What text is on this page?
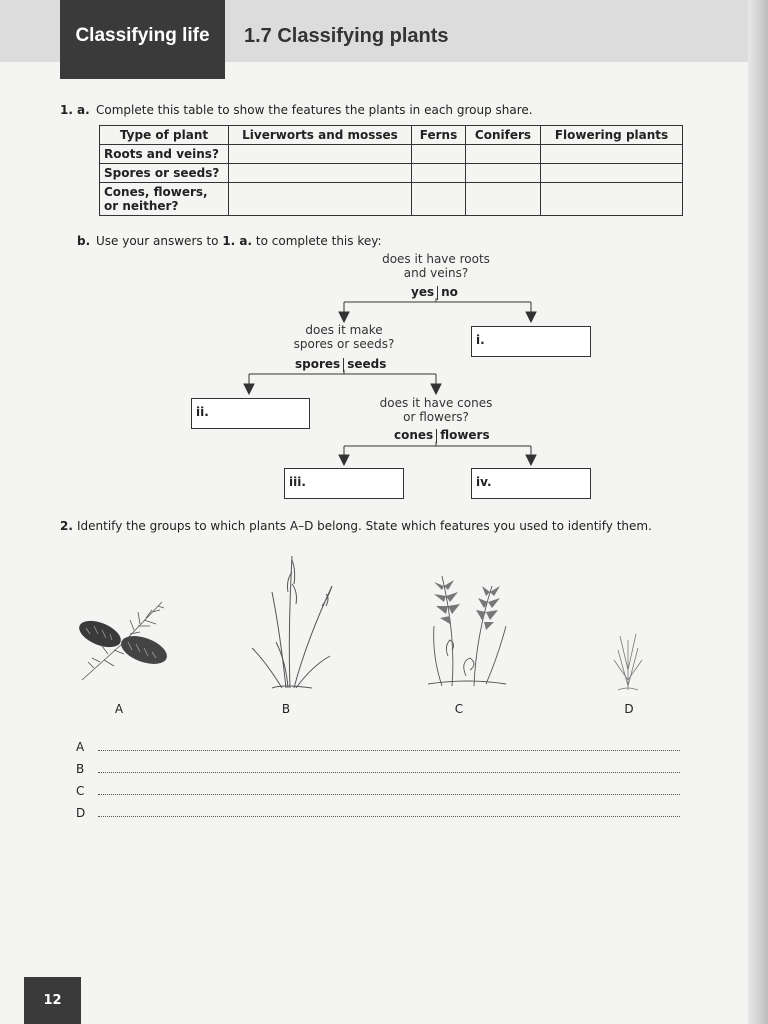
Classifying life	1.7 Classifying plants
1. a. Complete this table to show the features the plants in each group share.
Type of plant	Liverworts and mosses	Ferns	Conifers	Flowering plants
Roots and veins?				
Spores or seeds?				
Cones, flowers, or neither?				
b. Use your answers to 1. a. to complete this key:
does it have roots and veins?
yes no
i.
does it make spores or seeds?
spores seeds
ii.
does it have cones or flowers?
cones flowers
iii.	iv.
2. Identify the groups to which plants A–D belong. State which features you used to identify them.
A	B	C	D
A
B
C
D
12
